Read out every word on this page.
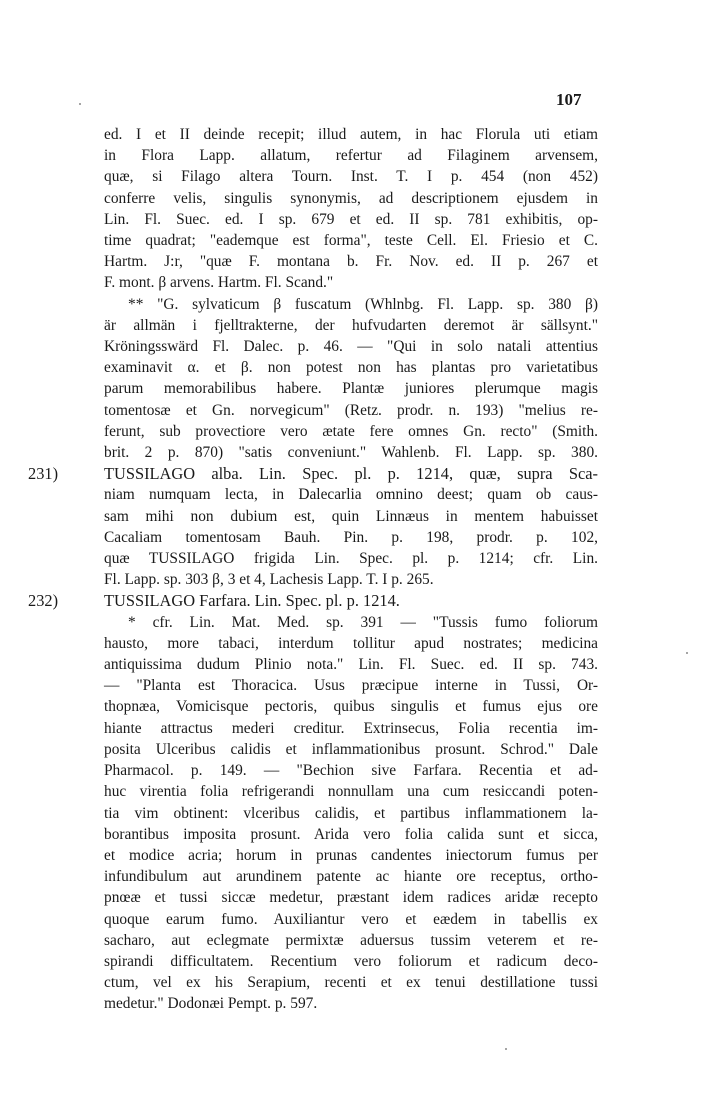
107
ed. I et II deinde recepit; illud autem, in hac Florula uti etiam
in Flora Lapp. allatum, refertur ad Filaginem arvensem,
quæ, si Filago altera Tourn. Inst. T. I p. 454 (non 452)
conferre velis, singulis synonymis, ad descriptionem ejusdem in
Lin. Fl. Suec. ed. I sp. 679 et ed. II sp. 781 exhibitis, op-
time quadrat; "eademque est forma", teste Cell. El. Friesio et C.
Hartm. J:r, "quæ F. montana b. Fr. Nov. ed. II p. 267 et
F. mont. β arvens. Hartm. Fl. Scand."
** "G. sylvaticum β fuscatum (Whlnbg. Fl. Lapp. sp. 380 β)
är allmän i fjelltrakterne, der hufvudarten deremot är sällsynt."
Kröningsswärd Fl. Dalec. p. 46. — "Qui in solo natali attentius
examinavit α. et β. non potest non has plantas pro varietatibus
parum memorabilibus habere. Plantæ juniores plerumque magis
tomentosæ et Gn. norvegicum" (Retz. prodr. n. 193) "melius re-
ferunt, sub provectiore vero ætate fere omnes Gn. recto" (Smith.
brit. 2 p. 870) "satis conveniunt." Wahlenb. Fl. Lapp. sp. 380.
231)	TUSSILAGO alba. Lin. Spec. pl. p. 1214, quæ, supra Sca-
niam numquam lecta, in Dalecarlia omnino deest; quam ob caus-
sam mihi non dubium est, quin Linnæus in mentem habuisset
Cacaliam tomentosam Bauh. Pin. p. 198, prodr. p. 102,
quæ TUSSILAGO frigida Lin. Spec. pl. p. 1214; cfr. Lin.
Fl. Lapp. sp. 303 β, 3 et 4, Lachesis Lapp. T. I p. 265.
232)	TUSSILAGO Farfara. Lin. Spec. pl. p. 1214.
* cfr. Lin. Mat. Med. sp. 391 — "Tussis fumo foliorum
hausto, more tabaci, interdum tollitur apud nostrates; medicina
antiquissima dudum Plinio nota." Lin. Fl. Suec. ed. II sp. 743.
— "Planta est Thoracica. Usus præcipue interne in Tussi, Or-
thopnæa, Vomicisque pectoris, quibus singulis et fumus ejus ore
hiante attractus mederi creditur. Extrinsecus, Folia recentia im-
posita Ulceribus calidis et inflammationibus prosunt. Schrod." Dale
Pharmacol. p. 149. — "Bechion sive Farfara. Recentia et ad-
huc virentia folia refrigerandi nonnullam una cum resiccandi poten-
tia vim obtinent: vlceribus calidis, et partibus inflammationem la-
borantibus imposita prosunt. Arida vero folia calida sunt et sicca,
et modice acria; horum in prunas candentes iniectorum fumus per
infundibulum aut arundinem patente ac hiante ore receptus, ortho-
pnœæ et tussi siccæ medetur, præstant idem radices aridæ recepto
quoque earum fumo. Auxiliantur vero et eædem in tabellis ex
sacharo, aut eclegmate permixtæ aduersus tussim veterem et re-
spirandi difficultatem. Recentium vero foliorum et radicum deco-
ctum, vel ex his Serapium, recenti et ex tenui destillatione tussi
medetur." Dodonæi Pempt. p. 597.
